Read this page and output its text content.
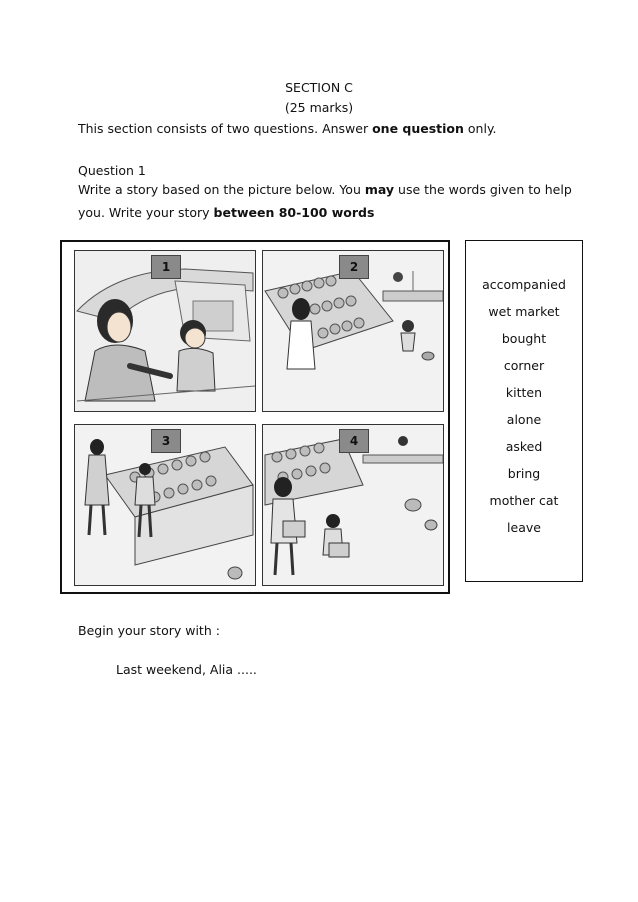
SECTION C
(25 marks)
This section consists of two questions. Answer one question only.
Question 1
Write a story based on the picture below. You may use the words given to help
you. Write your story between 80-100 words
1	2
3	4
accompanied
wet market
bought
corner
kitten
alone
asked
bring
mother cat
leave
Begin your story with :
Last weekend, Alia .....
